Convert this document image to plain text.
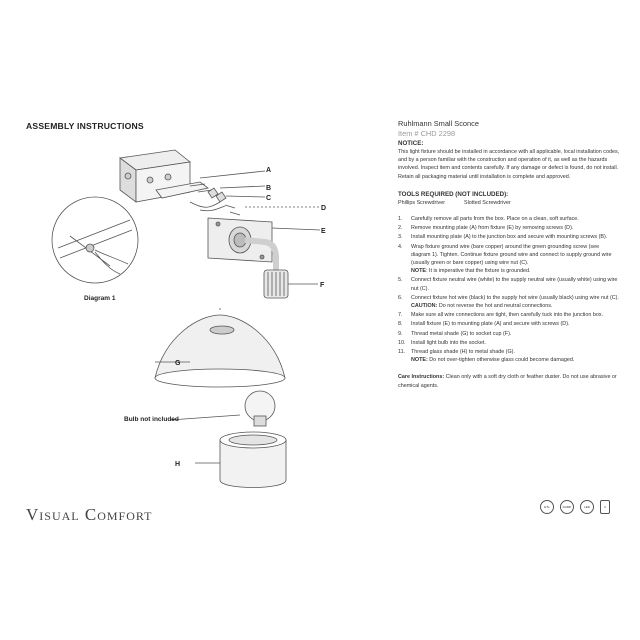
ASSEMBLY INSTRUCTIONS
A
B
C
D
E
F
G
H
Diagram 1
Bulb not included
Visual Comfort
Ruhlmann Small Sconce
Item # CHD 2298
NOTICE:

This light fixture should be installed in accordance with all applicable, local installation codes, and by a person familiar with the construction and operation of it, as well as the hazards involved. Inspect item and contents carefully. If any damage or defect is found, do not install. Retain all packaging material until installation is complete and approved.

TOOLS REQUIRED (NOT INCLUDED):
Phillips Screwdriver	Slotted Screwdriver
1. Carefully remove all parts from the box. Place on a clean, soft surface.
2. Remove mounting plate (A) from fixture (E) by removing screws (D).
3. Install mounting plate (A) to the junction box and secure with mounting screws (B).
4. Wrap fixture ground wire (bare copper) around the green grounding screw (see diagram 1). Tighten. Continue fixture ground wire and connect to supply ground wire (usually green or bare copper) using wire nut (C).
NOTE: It is imperative that the fixture is grounded.
5. Connect fixture neutral wire (white) to the supply neutral wire (usually white) using wire nut (C).
6. Connect fixture hot wire (black) to the supply hot wire (usually black) using wire nut (C).
CAUTION: Do not reverse the hot and neutral connections.
7. Make sure all wire connections are tight, then carefully tuck into the junction box.
8. Install fixture (E) to mounting plate (A) and secure with screws (D).
9. Thread metal shade (G) to socket cup (F).
10. Install light bulb into the socket.
11. Thread glass shade (H) to metal shade (G).
NOTE: Do not over-tighten otherwise glass could become damaged.
Care Instructions: Clean only with a soft dry cloth or feather duster. Do not use abrasive or chemical agents.
ETL	DAMP	LED	3
